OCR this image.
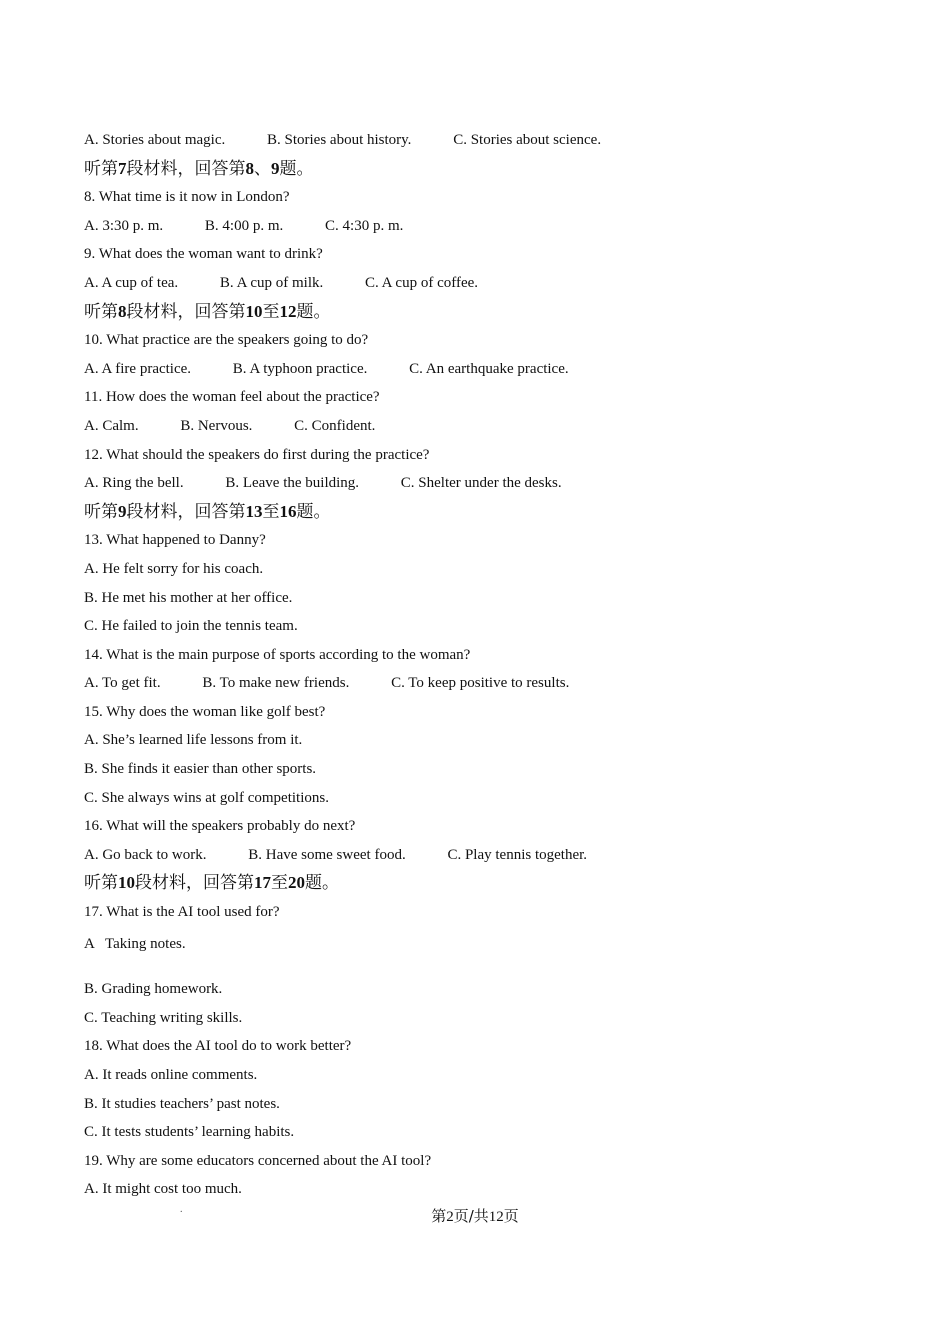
A. Stories about magic.	B. Stories about history.	C. Stories about science.
听第7段材料，回答第8、9题。
8. What time is it now in London?
A. 3:30 p. m.	B. 4:00 p. m.	C. 4:30 p. m.
9. What does the woman want to drink?
A. A cup of tea.	B. A cup of milk.	C. A cup of coffee.
听第8段材料，回答第10至12题。
10. What practice are the speakers going to do?
A. A fire practice.	B. A typhoon practice.	C. An earthquake practice.
11. How does the woman feel about the practice?
A. Calm.	B. Nervous.	C. Confident.
12. What should the speakers do first during the practice?
A. Ring the bell.	B. Leave the building.	C. Shelter under the desks.
听第9段材料，回答第13至16题。
13. What happened to Danny?
A. He felt sorry for his coach.
B. He met his mother at her office.
C. He failed to join the tennis team.
14. What is the main purpose of sports according to the woman?
A. To get fit.	B. To make new friends.	C. To keep positive to results.
15. Why does the woman like golf best?
A. She’s learned life lessons from it.
B. She finds it easier than other sports.
C. She always wins at golf competitions.
16. What will the speakers probably do next?
A. Go back to work.	B. Have some sweet food.	C. Play tennis together.
听第10段材料，回答第17至20题。
17. What is the AI tool used for?
A   Taking notes.
B. Grading homework.
C. Teaching writing skills.
18. What does the AI tool do to work better?
A. It reads online comments.
B. It studies teachers’ past notes.
C. It tests students’ learning habits.
19. Why are some educators concerned about the AI tool?
A. It might cost too much.
.	第2页/共12页
